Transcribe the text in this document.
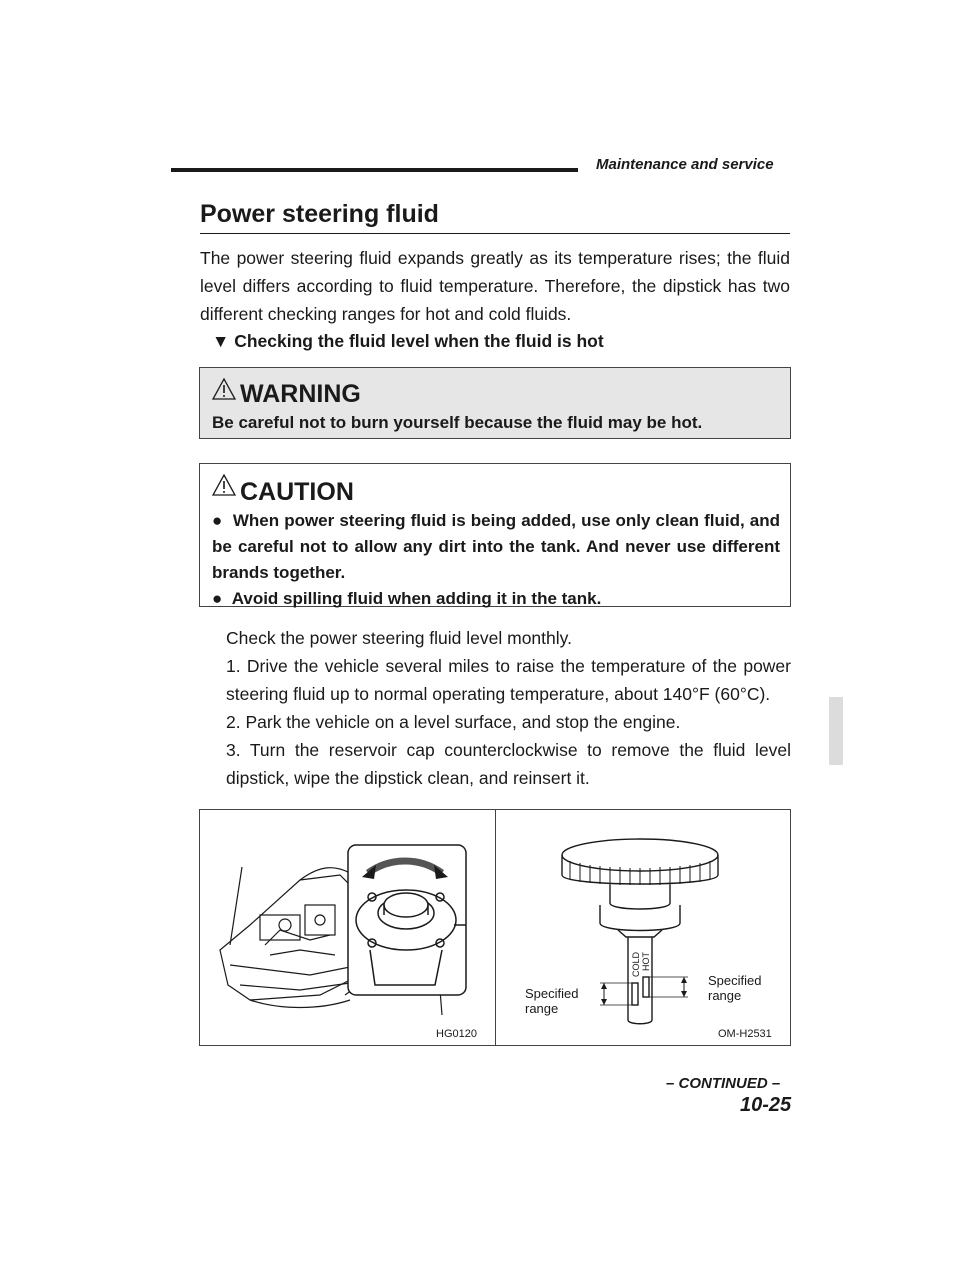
Maintenance and service
Power steering fluid
The power steering fluid expands greatly as its temperature rises; the fluid level differs according to fluid temperature. Therefore, the dipstick has two different checking ranges for hot and cold fluids.
▼ Checking the fluid level when the fluid is hot
WARNING
Be careful not to burn yourself because the fluid may be hot.
CAUTION
●  When power steering fluid is being added, use only clean fluid, and be careful not to allow any dirt into the tank. And never use different brands together.
●  Avoid spilling fluid when adding it in the tank.

Check the power steering fluid level monthly.

1. Drive the vehicle several miles to raise the temperature of the power steering fluid up to normal operating temperature, about 140°F (60°C).

2. Park the vehicle on a level surface, and stop the engine.

3. Turn the reservoir cap counterclockwise to remove the fluid level dipstick, wipe the dipstick clean, and reinsert it.

HG0120
COLD HOT
Specified
range
Specified
range
OM-H2531
– CONTINUED –
10-25
